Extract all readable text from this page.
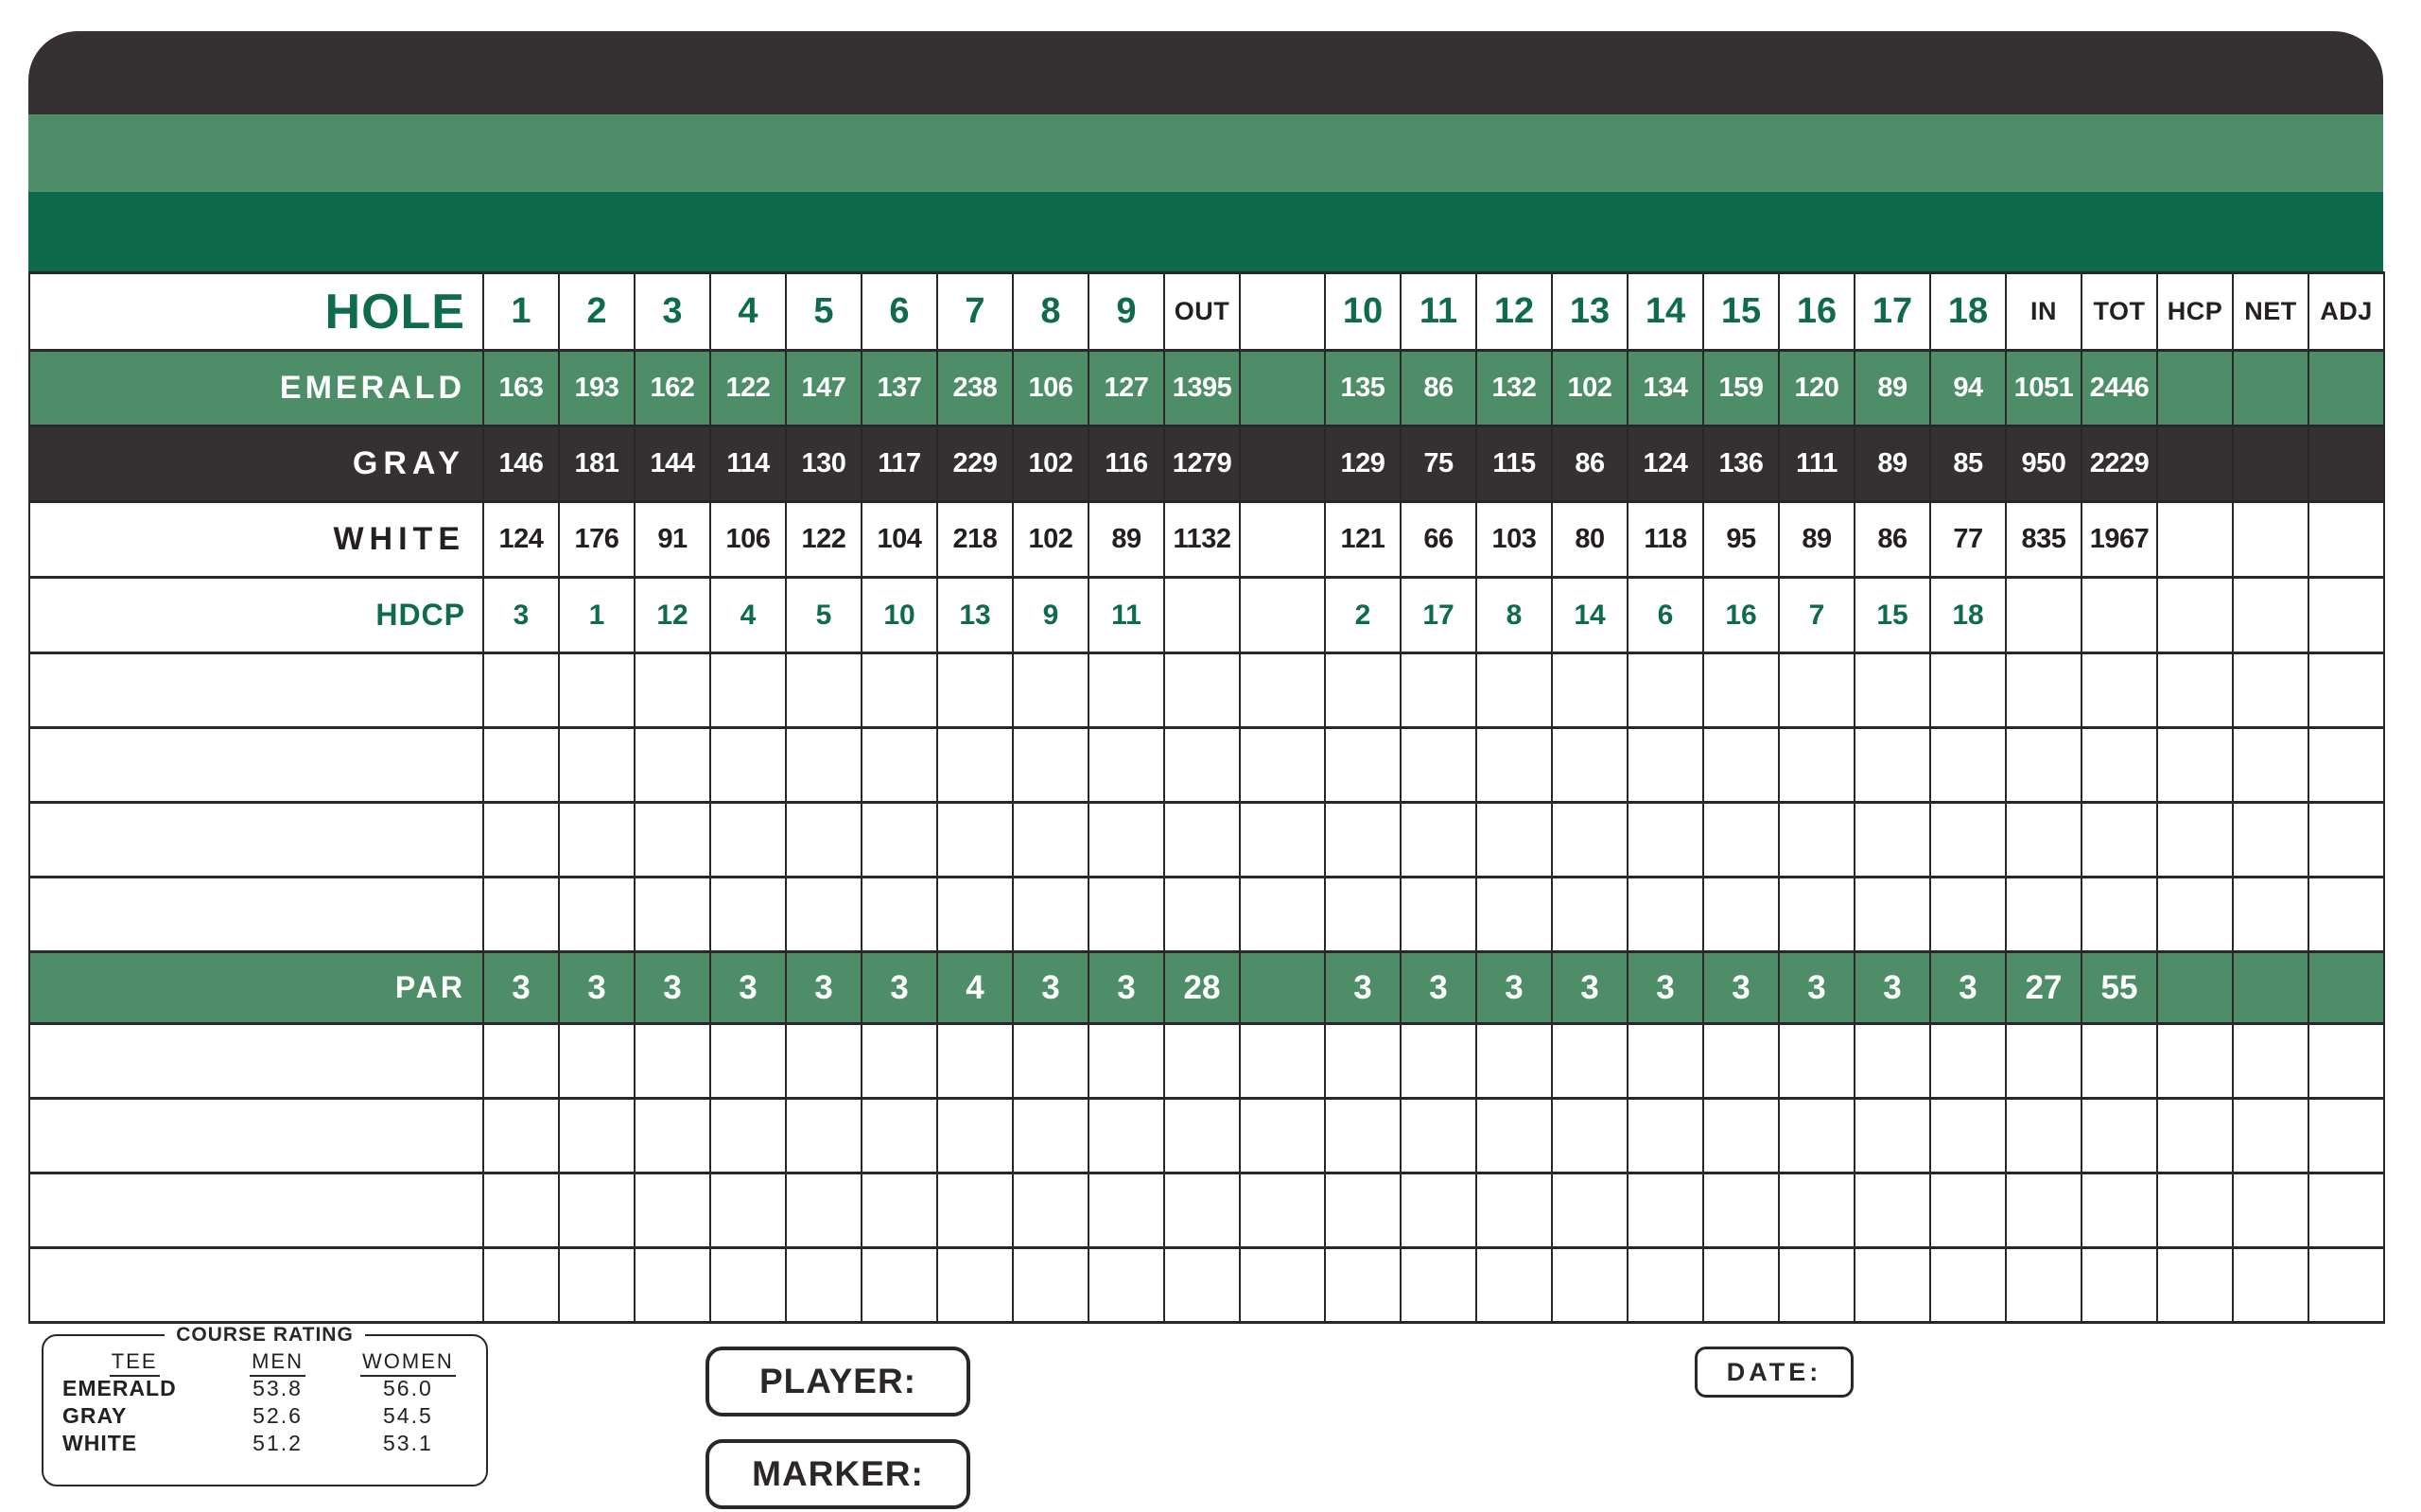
HOLE	1	2	3	4	5	6	7	8	9	OUT		10	11	12	13	14	15	16	17	18	IN	TOT	HCP	NET	ADJ
EMERALD	163	193	162	122	147	137	238	106	127	1395		135	86	132	102	134	159	120	89	94	1051	2446			
GRAY	146	181	144	114	130	117	229	102	116	1279		129	75	115	86	124	136	111	89	85	950	2229			
WHITE	124	176	91	106	122	104	218	102	89	1132		121	66	103	80	118	95	89	86	77	835	1967			
HDCP	3	1	12	4	5	10	13	9	11			2	17	8	14	6	16	7	15	18					

PAR	3	3	3	3	3	3	4	3	3	28		3	3	3	3	3	3	3	3	3	27	55			

COURSE RATING
TEE	MEN	WOMEN
EMERALD	53.8	56.0
GRAY	52.6	54.5
WHITE	51.2	53.1
PLAYER:
MARKER:
DATE:
